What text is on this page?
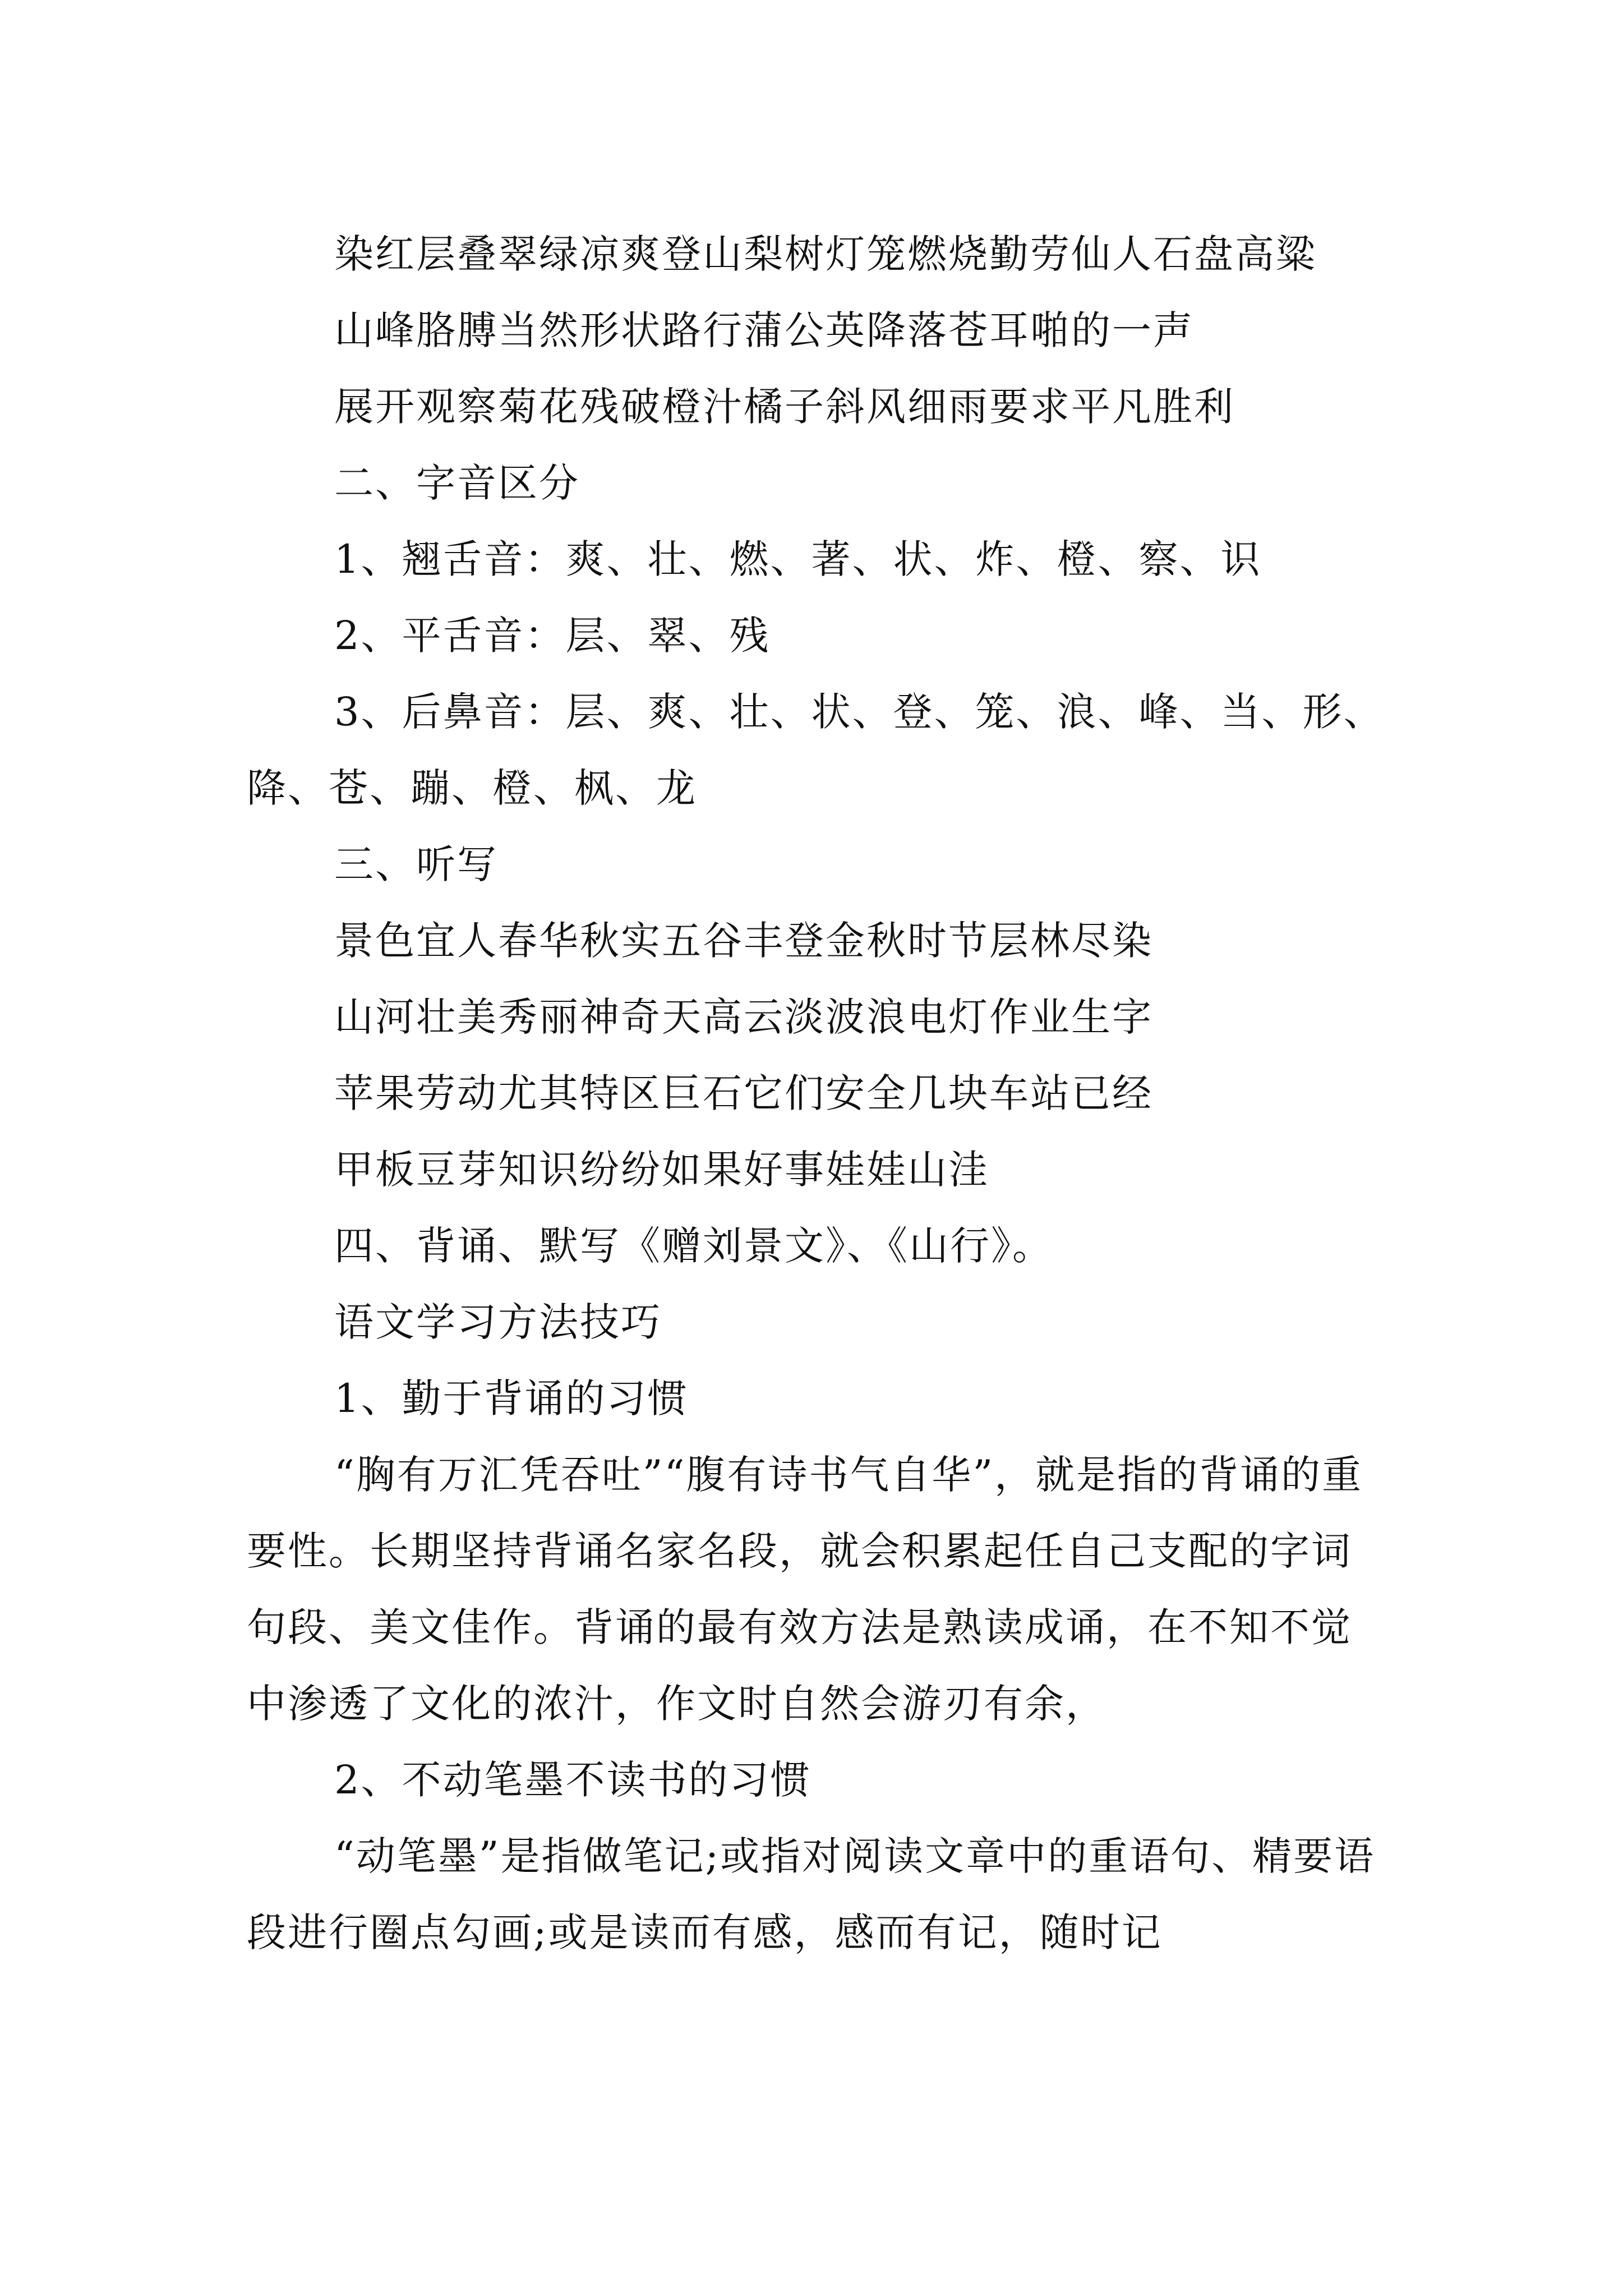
染红层叠翠绿凉爽登山梨树灯笼燃烧勤劳仙人石盘高粱

山峰胳膊当然形状路行蒲公英降落苍耳啪的一声

展开观察菊花残破橙汁橘子斜风细雨要求平凡胜利

二、字音区分

1、翘舌音：爽、壮、燃、著、状、炸、橙、察、识

2、平舌音：层、翠、残

3、后鼻音：层、爽、壮、状、登、笼、浪、峰、当、形、降、苍、蹦、橙、枫、龙

三、听写

景色宜人春华秋实五谷丰登金秋时节层林尽染

山河壮美秀丽神奇天高云淡波浪电灯作业生字

苹果劳动尤其特区巨石它们安全几块车站已经

甲板豆芽知识纷纷如果好事娃娃山洼

四、背诵、默写《赠刘景文》、《山行》。

语文学习方法技巧

1、勤于背诵的习惯

“胸有万汇凭吞吐”“腹有诗书气自华”，就是指的背诵的重要性。长期坚持背诵名家名段，就会积累起任自己支配的字词句段、美文佳作。背诵的最有效方法是熟读成诵，在不知不觉中渗透了文化的浓汁，作文时自然会游刃有余，

2、不动笔墨不读书的习惯

“动笔墨”是指做笔记;或指对阅读文章中的重语句、精要语段进行圈点勾画;或是读而有感，感而有记，随时记
